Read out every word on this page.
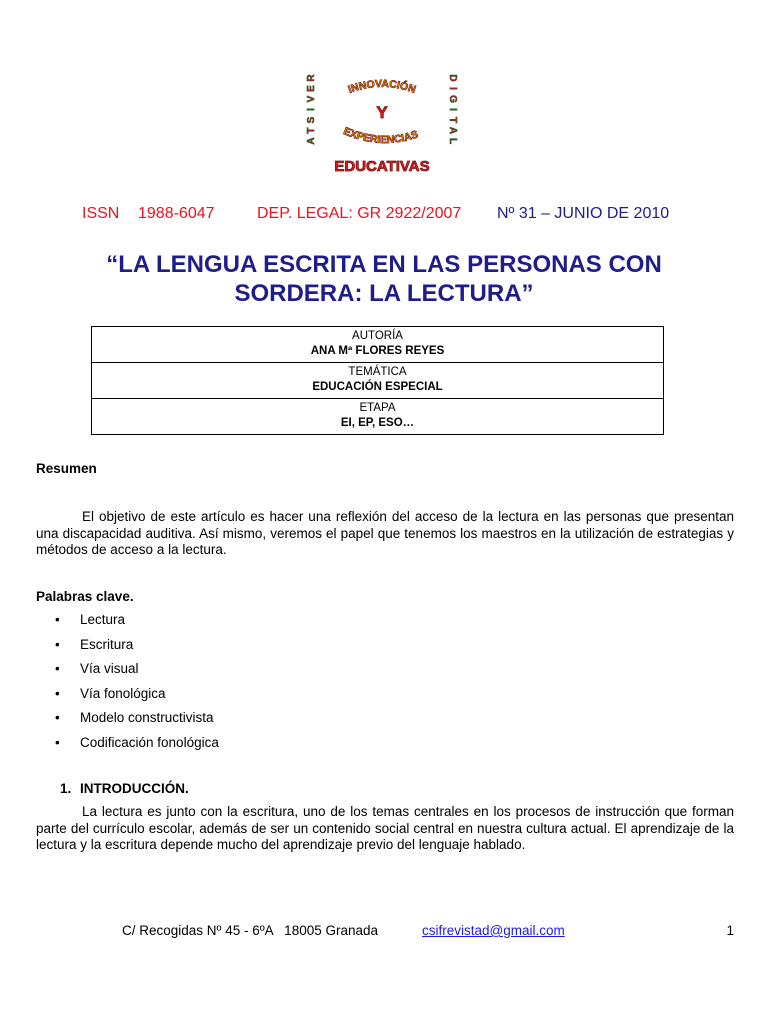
R
E
V
I
S
T
A
D
I
G
I
T
A
L
INNOVACIÓN
Y
EXPERIENCIAS
EDUCATIVAS
ISSN 1988-6047	DEP. LEGAL: GR 2922/2007 Nº 31 – JUNIO DE 2010
“LA LENGUA ESCRITA EN LAS PERSONAS CON SORDERA: LA LECTURA”
AUTORÍA
ANA Mª FLORES REYES

TEMÁTICA
EDUCACIÓN ESPECIAL

ETAPA
EI, EP, ESO…
Resumen
El objetivo de este artículo es hacer una reflexión del acceso de la lectura en las personas que presentan una discapacidad auditiva. Así mismo, veremos el papel que tenemos los maestros en la utilización de estrategias y métodos de acceso a la lectura.
Palabras clave.
•	Lectura
•	Escritura
•	Vía visual
•	Vía fonológica
•	Modelo constructivista
•	Codificación fonológica
1. INTRODUCCIÓN.
La lectura es junto con la escritura, uno de los temas centrales en los procesos de instrucción que forman parte del currículo escolar, además de ser un contenido social central en nuestra cultura actual. El aprendizaje de la lectura y la escritura depende mucho del aprendizaje previo del lenguaje hablado.
C/ Recogidas Nº 45 - 6ºA   18005 Granada	csifrevistad@gmail.com	1
